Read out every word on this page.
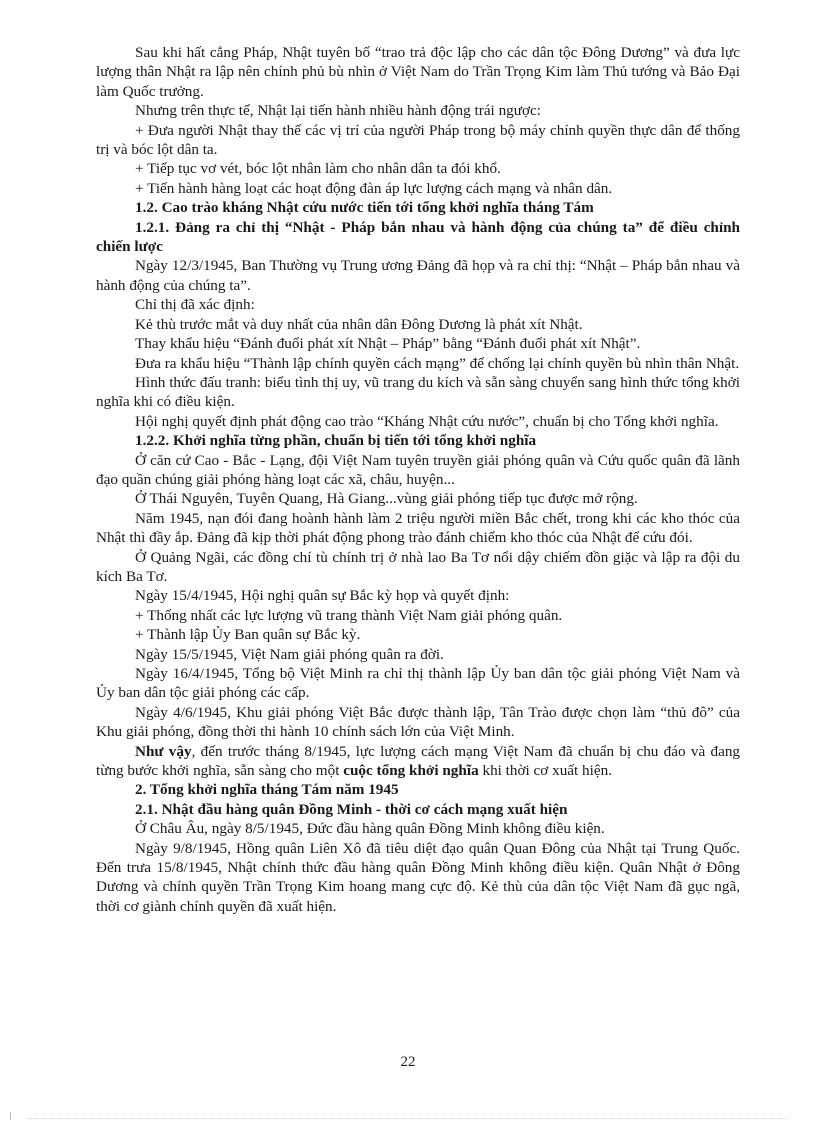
Sau khi hất cẳng Pháp, Nhật tuyên bố “trao trả độc lập cho các dân tộc Đông Dương” và đưa lực lượng thân Nhật ra lập nên chính phủ bù nhìn ở Việt Nam do Trần Trọng Kim làm Thủ tướng và Bảo Đại làm Quốc trưởng.

Nhưng trên thực tế, Nhật lại tiến hành nhiều hành động trái ngược:

+ Đưa người Nhật thay thế các vị trí của người Pháp trong bộ máy chính quyền thực dân để thống trị và bóc lột dân ta.

+ Tiếp tục vơ vét, bóc lột nhân làm cho nhân dân ta đói khổ.

+ Tiến hành hàng loạt các hoạt động đàn áp lực lượng cách mạng và nhân dân.

1.2. Cao trào kháng Nhật cứu nước tiến tới tổng khởi nghĩa tháng Tám

1.2.1. Đảng ra chỉ thị “Nhật - Pháp bắn nhau và hành động của chúng ta” để điều chỉnh chiến lược

Ngày 12/3/1945, Ban Thường vụ Trung ương Đảng đã họp và ra chỉ thị: “Nhật – Pháp bắn nhau và hành động của chúng ta”.

Chỉ thị đã xác định:

Kẻ thù trước mắt và duy nhất của nhân dân Đông Dương là phát xít Nhật.

Thay khẩu hiệu “Đánh đuổi phát xít Nhật – Pháp” bằng “Đánh đuổi phát xít Nhật”.

Đưa ra khẩu hiệu “Thành lập chính quyền cách mạng” để chống lại chính quyền bù nhìn thân Nhật.

Hình thức đấu tranh: biểu tình thị uy, vũ trang du kích và sẵn sàng chuyển sang hình thức tổng khởi nghĩa khi có điều kiện.

Hội nghị quyết định phát động cao trào “Kháng Nhật cứu nước”, chuẩn bị cho Tổng khởi nghĩa.

1.2.2. Khởi nghĩa từng phần, chuẩn bị tiến tới tổng khởi nghĩa

Ở căn cứ Cao - Bắc - Lạng, đội Việt Nam tuyên truyền giải phóng quân và Cứu quốc quân đã lãnh đạo quần chúng giải phóng hàng loạt các xã, châu, huyện...

Ở Thái Nguyên, Tuyên Quang, Hà Giang...vùng giải phóng tiếp tục được mở rộng.

Năm 1945, nạn đói đang hoành hành làm 2 triệu người miền Bắc chết, trong khi các kho thóc của Nhật thì đầy ắp. Đảng đã kịp thời phát động phong trào đánh chiếm kho thóc của Nhật để cứu đói.

Ở Quảng Ngãi, các đồng chí tù chính trị ở nhà lao Ba Tơ nổi dậy chiếm đồn giặc và lập ra đội du kích Ba Tơ.

Ngày 15/4/1945, Hội nghị quân sự Bắc kỳ họp và quyết định:

+ Thống nhất các lực lượng vũ trang thành Việt Nam giải phóng quân.

+ Thành lập Ủy Ban quân sự Bắc kỳ.

Ngày 15/5/1945, Việt Nam giải phóng quân ra đời.

Ngày 16/4/1945, Tổng bộ Việt Minh ra chỉ thị thành lập Ủy ban dân tộc giải phóng Việt Nam và Ủy ban dân tộc giải phóng các cấp.

Ngày 4/6/1945, Khu giải phóng Việt Bắc được thành lập, Tân Trào được chọn làm “thủ đô” của Khu giải phóng, đồng thời thi hành 10 chính sách lớn của Việt Minh.

Như vậy, đến trước tháng 8/1945, lực lượng cách mạng Việt Nam đã chuẩn bị chu đáo và đang từng bước khởi nghĩa, sẵn sàng cho một cuộc tổng khởi nghĩa khi thời cơ xuất hiện.

2. Tổng khởi nghĩa tháng Tám năm 1945

2.1. Nhật đầu hàng quân Đồng Minh - thời cơ cách mạng xuất hiện

Ở Châu Âu, ngày 8/5/1945, Đức đầu hàng quân Đồng Minh không điều kiện.

Ngày 9/8/1945, Hồng quân Liên Xô đã tiêu diệt đạo quân Quan Đông của Nhật tại Trung Quốc. Đến trưa 15/8/1945, Nhật chính thức đầu hàng quân Đồng Minh không điều kiện. Quân Nhật ở Đông Dương và chính quyền Trần Trọng Kim hoang mang cực độ. Kẻ thù của dân tộc Việt Nam đã gục ngã, thời cơ giành chính quyền đã xuất hiện.

22
